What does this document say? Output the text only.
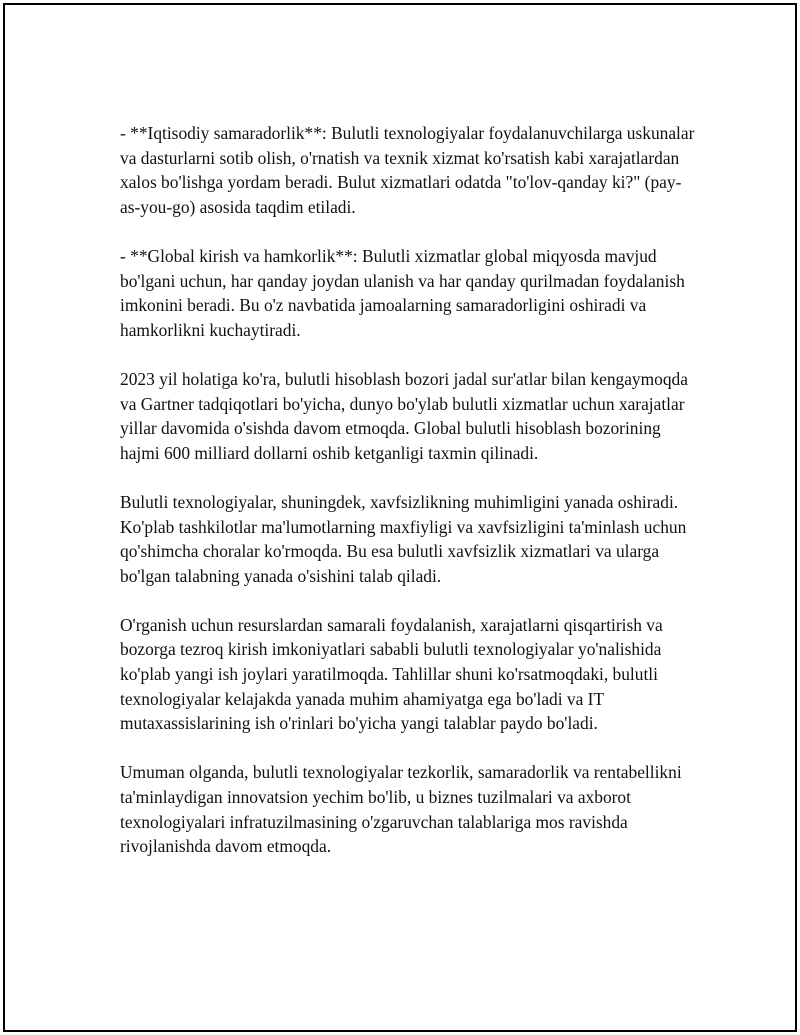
- **Iqtisodiy samaradorlik**: Bulutli texnologiyalar foydalanuvchilarga uskunalar va dasturlarni sotib olish, o'rnatish va texnik xizmat ko'rsatish kabi xarajatlardan xalos bo'lishga yordam beradi. Bulut xizmatlari odatda "to'lov-qanday ki?" (pay-as-you-go) asosida taqdim etiladi.

- **Global kirish va hamkorlik**: Bulutli xizmatlar global miqyosda mavjud bo'lgani uchun, har qanday joydan ulanish va har qanday qurilmadan foydalanish imkonini beradi. Bu o'z navbatida jamoalarning samaradorligini oshiradi va hamkorlikni kuchaytiradi.

2023 yil holatiga ko'ra, bulutli hisoblash bozori jadal sur'atlar bilan kengaymoqda va Gartner tadqiqotlari bo'yicha, dunyo bo'ylab bulutli xizmatlar uchun xarajatlar yillar davomida o'sishda davom etmoqda. Global bulutli hisoblash bozorining hajmi 600 milliard dollarni oshib ketganligi taxmin qilinadi.

Bulutli texnologiyalar, shuningdek, xavfsizlikning muhimligini yanada oshiradi. Ko'plab tashkilotlar ma'lumotlarning maxfiyligi va xavfsizligini ta'minlash uchun qo'shimcha choralar ko'rmoqda. Bu esa bulutli xavfsizlik xizmatlari va ularga bo'lgan talabning yanada o'sishini talab qiladi.

O'rganish uchun resurslardan samarali foydalanish, xarajatlarni qisqartirish va bozorga tezroq kirish imkoniyatlari sababli bulutli texnologiyalar yo'nalishida ko'plab yangi ish joylari yaratilmoqda. Tahlillar shuni ko'rsatmoqdaki, bulutli texnologiyalar kelajakda yanada muhim ahamiyatga ega bo'ladi va IT mutaxassislarining ish o'rinlari bo'yicha yangi talablar paydo bo'ladi.

Umuman olganda, bulutli texnologiyalar tezkorlik, samaradorlik va rentabellikni ta'minlaydigan innovatsion yechim bo'lib, u biznes tuzilmalari va axborot texnologiyalari infratuzilmasining o'zgaruvchan talablariga mos ravishda rivojlanishda davom etmoqda.
